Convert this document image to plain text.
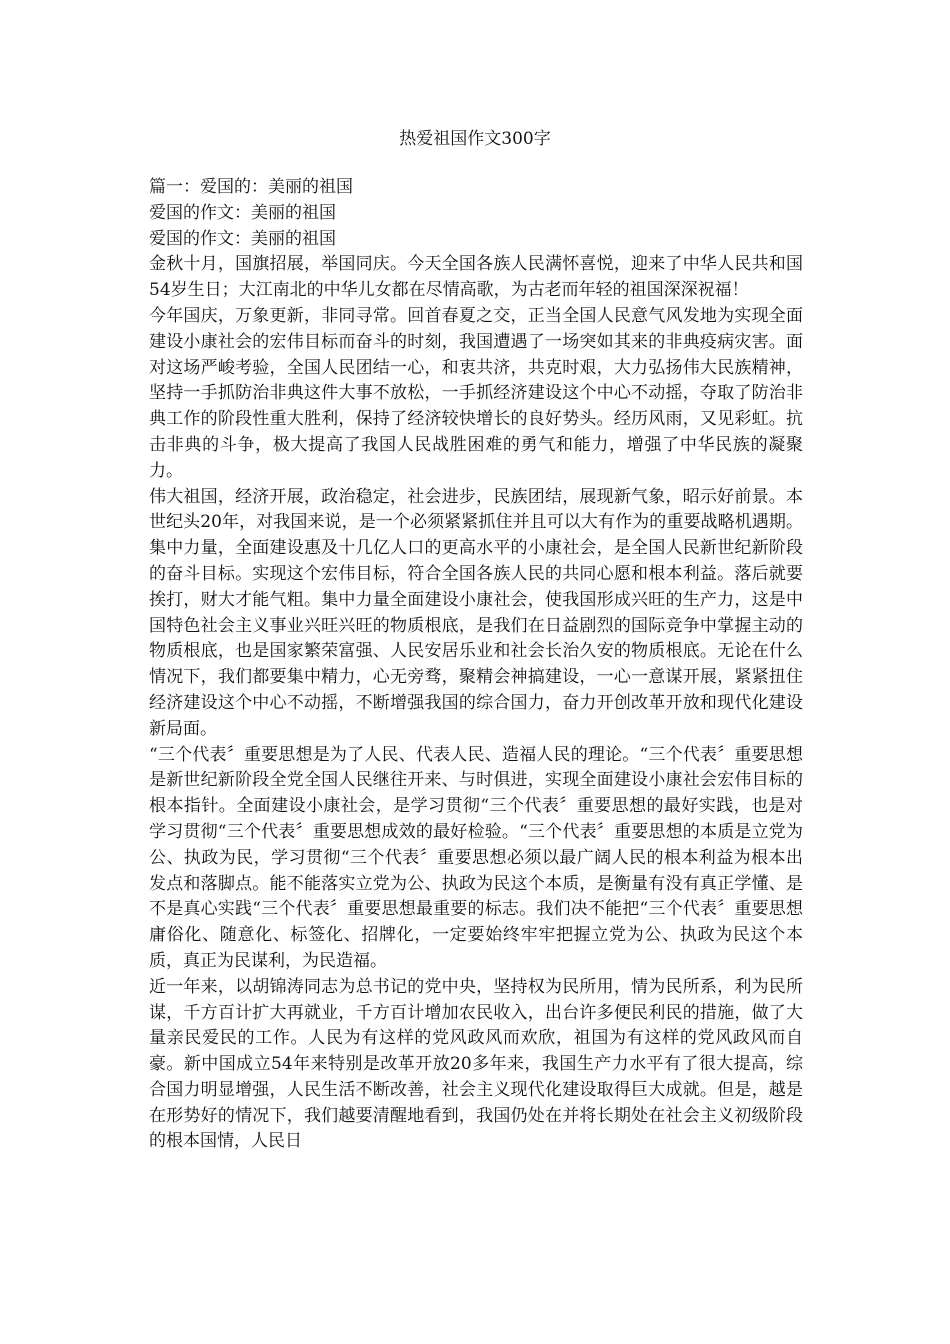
热爱祖国作文300字

篇一：爱国的：美丽的祖国

爱国的作文：美丽的祖国

爱国的作文：美丽的祖国

金秋十月，国旗招展，举国同庆。今天全国各族人民满怀喜悦，迎来了中华人民共和国54岁生日；大江南北的中华儿女都在尽情高歌，为古老而年轻的祖国深深祝福！

今年国庆，万象更新，非同寻常。回首春夏之交，正当全国人民意气风发地为实现全面建设小康社会的宏伟目标而奋斗的时刻，我国遭遇了一场突如其来的非典疫病灾害。面对这场严峻考验，全国人民团结一心，和衷共济，共克时艰，大力弘扬伟大民族精神，坚持一手抓防治非典这件大事不放松，一手抓经济建设这个中心不动摇，夺取了防治非典工作的阶段性重大胜利，保持了经济较快增长的良好势头。经历风雨，又见彩虹。抗击非典的斗争，极大提高了我国人民战胜困难的勇气和能力，增强了中华民族的凝聚力。

伟大祖国，经济开展，政治稳定，社会进步，民族团结，展现新气象，昭示好前景。本世纪头20年，对我国来说，是一个必须紧紧抓住并且可以大有作为的重要战略机遇期。集中力量，全面建设惠及十几亿人口的更高水平的小康社会，是全国人民新世纪新阶段的奋斗目标。实现这个宏伟目标，符合全国各族人民的共同心愿和根本利益。落后就要挨打，财大才能气粗。集中力量全面建设小康社会，使我国形成兴旺的生产力，这是中国特色社会主义事业兴旺兴旺的物质根底，是我们在日益剧烈的国际竞争中掌握主动的物质根底，也是国家繁荣富强、人民安居乐业和社会长治久安的物质根底。无论在什么情况下，我们都要集中精力，心无旁骛，聚精会神搞建设，一心一意谋开展，紧紧扭住经济建设这个中心不动摇，不断增强我国的综合国力，奋力开创改革开放和现代化建设新局面。

“三个代表〞重要思想是为了人民、代表人民、造福人民的理论。“三个代表〞重要思想是新世纪新阶段全党全国人民继往开来、与时俱进，实现全面建设小康社会宏伟目标的根本指针。全面建设小康社会，是学习贯彻“三个代表〞重要思想的最好实践，也是对学习贯彻“三个代表〞重要思想成效的最好检验。“三个代表〞重要思想的本质是立党为公、执政为民，学习贯彻“三个代表〞重要思想必须以最广阔人民的根本利益为根本出发点和落脚点。能不能落实立党为公、执政为民这个本质，是衡量有没有真正学懂、是不是真心实践“三个代表〞重要思想最重要的标志。我们决不能把“三个代表〞重要思想庸俗化、随意化、标签化、招牌化，一定要始终牢牢把握立党为公、执政为民这个本质，真正为民谋利，为民造福。

近一年来，以胡锦涛同志为总书记的党中央，坚持权为民所用，情为民所系，利为民所谋，千方百计扩大再就业，千方百计增加农民收入，出台许多便民利民的措施，做了大量亲民爱民的工作。人民为有这样的党风政风而欢欣，祖国为有这样的党风政风而自豪。新中国成立54年来特别是改革开放20多年来，我国生产力水平有了很大提高，综合国力明显增强，人民生活不断改善，社会主义现代化建设取得巨大成就。但是，越是在形势好的情况下，我们越要清醒地看到，我国仍处在并将长期处在社会主义初级阶段的根本国情，人民日
